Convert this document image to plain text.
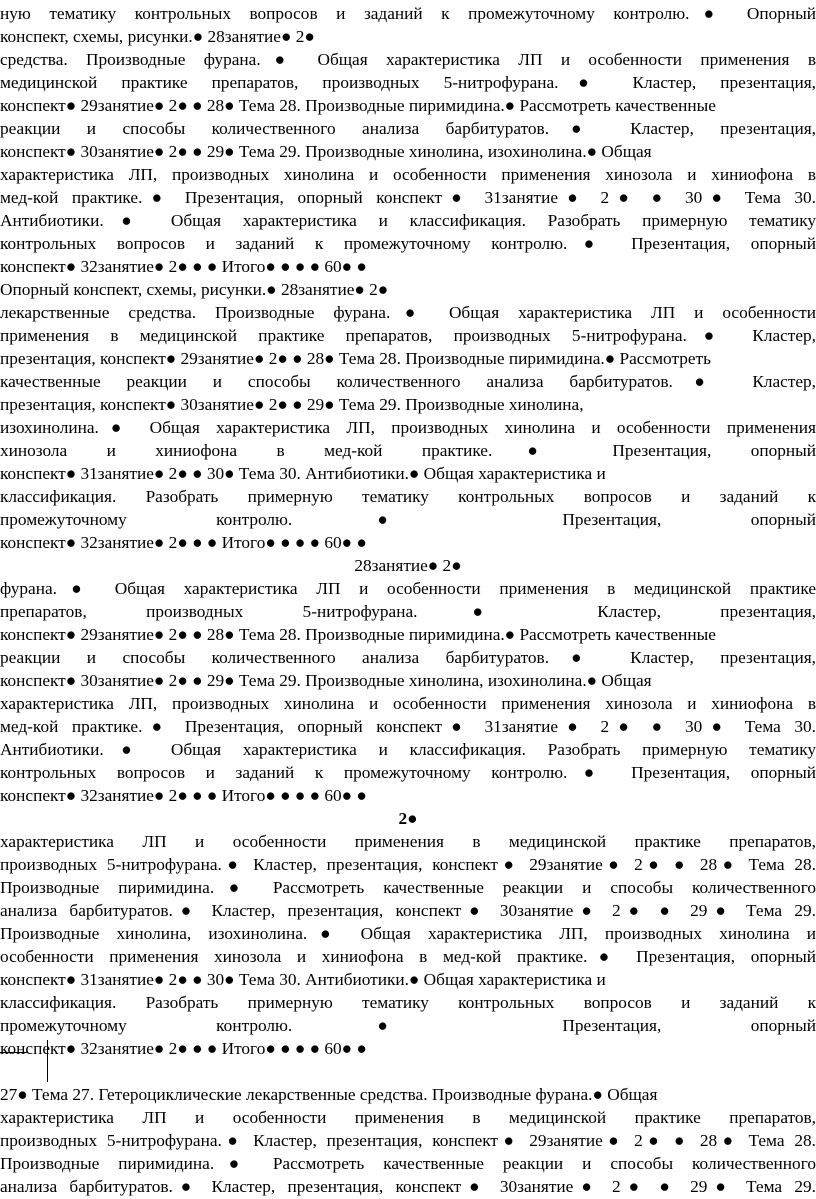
ную тематику контрольных вопросов и заданий к промежуточному контролю.● Опорный
конспект, схемы, рисунки.● 28занятие● 2●
средства. Производные фурана.● Общая характеристика ЛП и особенности применения в
медицинской практике препаратов, производных 5-нитрофурана.● Кластер, презентация,
конспект● 29занятие● 2● ● 28● Тема 28. Производные пиримидина.● Рассмотреть качественные
реакции и способы количественного анализа барбитуратов.● Кластер, презентация,
конспект● 30занятие● 2● ● 29● Тема 29. Производные хинолина, изохинолина.● Общая
характеристика ЛП, производных хинолина и особенности применения хинозола и хиниофона в
мед-кой практике.● Презентация, опорный конспект● 31занятие● 2● ● 30● Тема 30.
Антибиотики.● Общая характеристика и классификация. Разобрать примерную тематику
контрольных вопросов и заданий к промежуточному контролю.● Презентация, опорный
конспект● 32занятие● 2● ● ● Итого● ● ● ● 60● ●
Опорный конспект, схемы, рисунки.● 28занятие● 2●
лекарственные средства. Производные фурана.● Общая характеристика ЛП и особенности
применения в медицинской практике препаратов, производных 5-нитрофурана.● Кластер,
презентация, конспект● 29занятие● 2● ● 28● Тема 28. Производные пиримидина.● Рассмотреть
качественные реакции и способы количественного анализа барбитуратов.● Кластер,
презентация, конспект● 30занятие● 2● ● 29● Тема 29. Производные хинолина,
изохинолина.● Общая характеристика ЛП, производных хинолина и особенности применения
хинозола и хиниофона в мед-кой практике.● Презентация, опорный
конспект● 31занятие● 2● ● 30● Тема 30. Антибиотики.● Общая характеристика и
классификация. Разобрать примерную тематику контрольных вопросов и заданий к
промежуточному контролю.● Презентация, опорный
конспект● 32занятие● 2● ● ● Итого● ● ● ● 60● ●
28занятие● 2●
фурана.● Общая характеристика ЛП и особенности применения в медицинской практике
препаратов, производных 5-нитрофурана.● Кластер, презентация,
конспект● 29занятие● 2● ● 28● Тема 28. Производные пиримидина.● Рассмотреть качественные
реакции и способы количественного анализа барбитуратов.● Кластер, презентация,
конспект● 30занятие● 2● ● 29● Тема 29. Производные хинолина, изохинолина.● Общая
характеристика ЛП, производных хинолина и особенности применения хинозола и хиниофона в
мед-кой практике.● Презентация, опорный конспект● 31занятие● 2● ● 30● Тема 30.
Антибиотики.● Общая характеристика и классификация. Разобрать примерную тематику
контрольных вопросов и заданий к промежуточному контролю.● Презентация, опорный
конспект● 32занятие● 2● ● ● Итого● ● ● ● 60● ●
2●
характеристика ЛП и особенности применения в медицинской практике препаратов,
производных 5-нитрофурана.● Кластер, презентация, конспект● 29занятие● 2● ● 28● Тема 28.
Производные пиримидина.● Рассмотреть качественные реакции и способы количественного
анализа барбитуратов.● Кластер, презентация, конспект● 30занятие● 2● ● 29● Тема 29.
Производные хинолина, изохинолина.● Общая характеристика ЛП, производных хинолина и
особенности применения хинозола и хиниофона в мед-кой практике.● Презентация, опорный
конспект● 31занятие● 2● ● 30● Тема 30. Антибиотики.● Общая характеристика и
классификация. Разобрать примерную тематику контрольных вопросов и заданий к
промежуточному контролю.● Презентация, опорный
конспект● 32занятие● 2● ● ● Итого● ● ● ● 60● ●
27● Тема 27. Гетероциклические лекарственные средства. Производные фурана.● Общая
характеристика ЛП и особенности применения в медицинской практике препаратов,
производных 5-нитрофурана.● Кластер, презентация, конспект● 29занятие● 2● ● 28● Тема 28.
Производные пиримидина.● Рассмотреть качественные реакции и способы количественного
анализа барбитуратов.● Кластер, презентация, конспект● 30занятие● 2● ● 29● Тема 29.
